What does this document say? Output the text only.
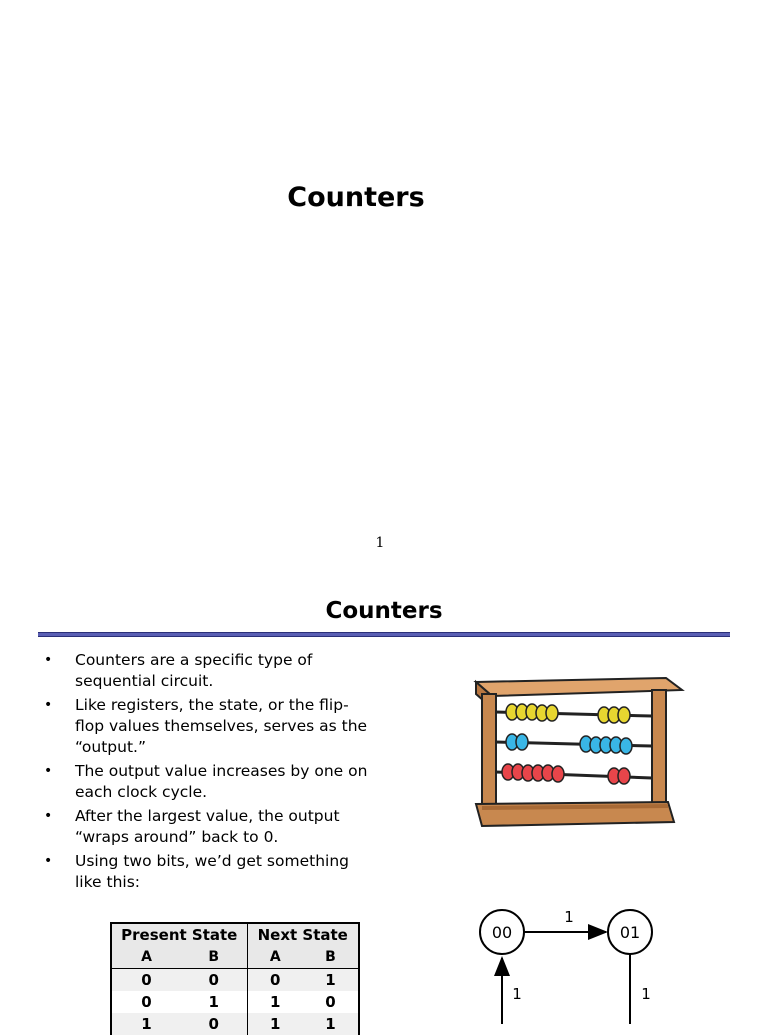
Counters
1
Counters
• Counters are a specific type of
sequential circuit.
• Like registers, the state, or the flip-
flop values themselves, serves as the
“output.”
• The output value increases by one on
each clock cycle.
• After the largest value, the output
“wraps around” back to 0.
• Using two bits, we’d get something
like this:
Present State		Next State	
A	B	A	B
0	0	0	1
0	1	1	0
1	0	1	1
00	01
1
1	1
